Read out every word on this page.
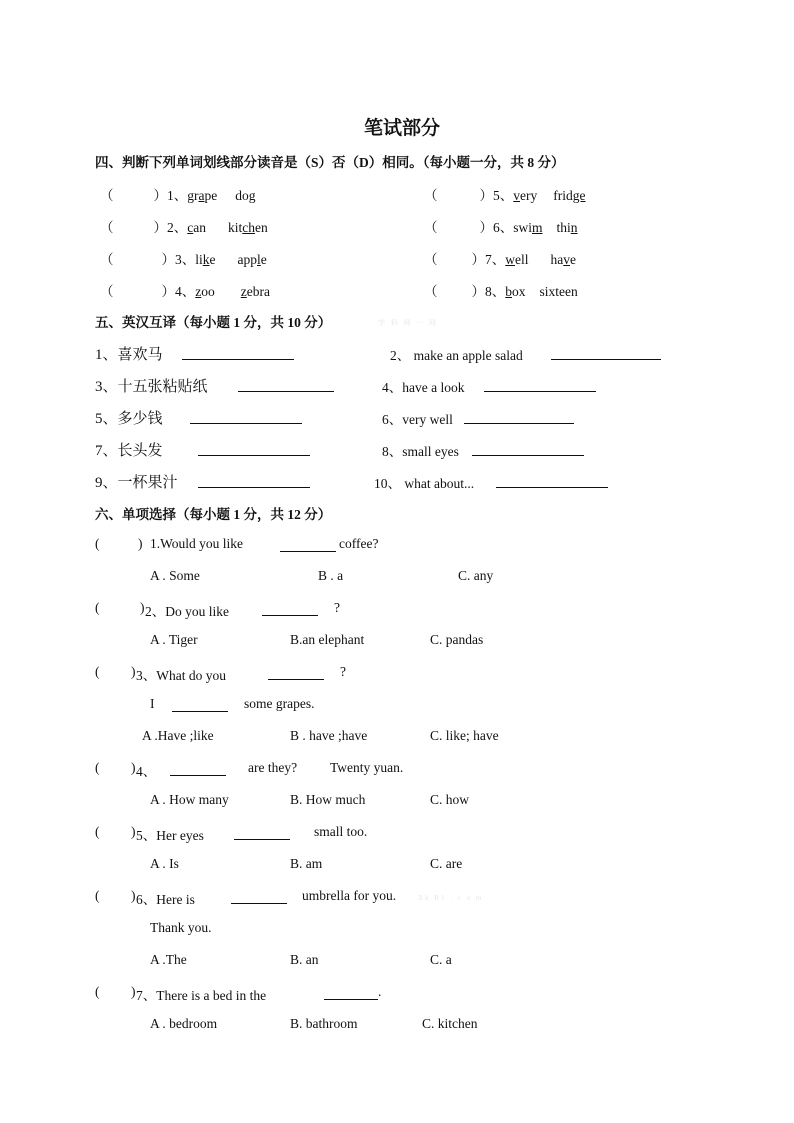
笔试部分
四、判断下列单词划线部分读音是（S）否（D）相同。（每小题一分，共 8 分）
（	）1、grape dog
（	）2、can kitchen
（	）3、like apple
（	）4、zoo zebra
（	）5、very fridge
（	）6、swim thin
（	）7、well have
（	）8、box sixteen
五、英汉互译（每小题 1 分，共 10 分）	学 科 网 一 网
1、喜欢马	2、 make an apple salad
3、十五张粘贴纸	4、have a look
5、多少钱	6、very well
7、长头发	8、small eyes
9、一杯果汁	10、 what about...
六、单项选择（每小题 1 分，共 12 分）
(	) 1.Would you like	coffee?
A . Some	B . a	C. any
(	) 2、Do you like	?
A . Tiger	B.an elephant	C. pandas
( ) 3、What do you	?
I	some grapes.
A .Have ;like	B . have ;have	C. like; have
( ) 4、	are they? Twenty yuan.
A . How many	B. How much	C. how
( ) 5、Her eyes	small too.
A . Is	B. am	C. are
( ) 6、Here is	umbrella for you.	Xk B1 . c o m
Thank you.
A .The	B. an	C. a
( ) 7、There is a bed in the	.
A . bedroom	B. bathroom	C. kitchen
